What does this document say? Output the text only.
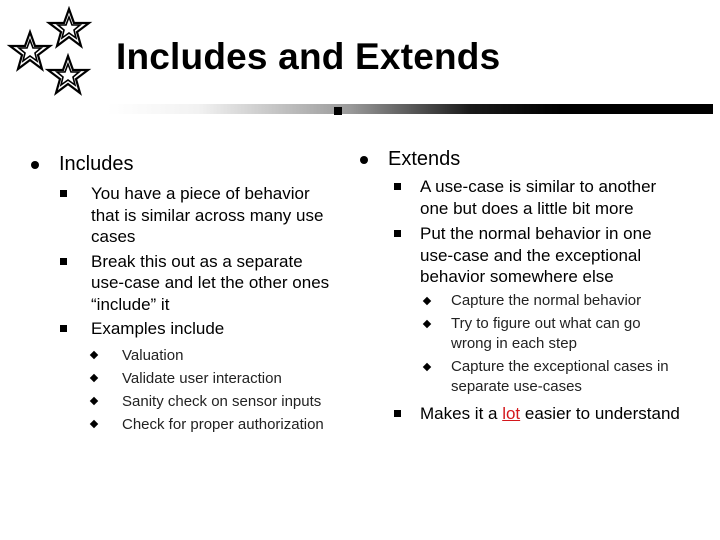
Includes and Extends
Includes
You have a piece of behavior that is similar across many use cases
Break this out as a separate use-case and let the other ones “include” it
Examples include
Valuation
Validate user interaction
Sanity check on sensor inputs
Check for proper authorization
Extends
A use-case is similar to another one but does a little bit more
Put the normal behavior in one use-case and the exceptional behavior somewhere else
Capture the normal behavior
Try to figure out what can go wrong in each step
Capture the exceptional cases in separate use-cases
Makes it a lot easier to understand
